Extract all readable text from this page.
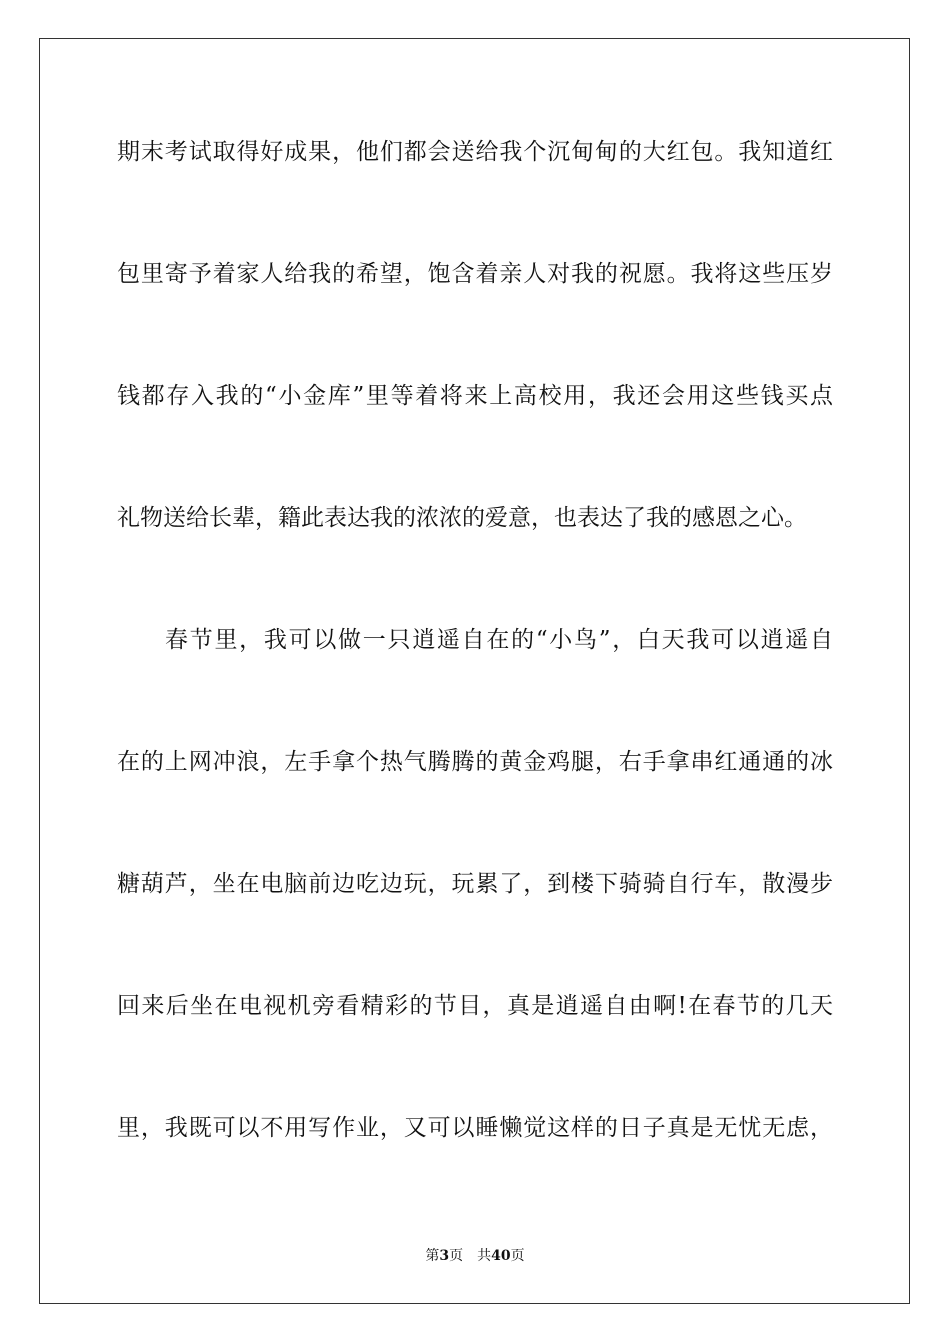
期末考试取得好成果，他们都会送给我个沉甸甸的大红包。我知道红
包里寄予着家人给我的希望，饱含着亲人对我的祝愿。我将这些压岁
钱都存入我的“小金库”里等着将来上高校用，我还会用这些钱买点
礼物送给长辈，籍此表达我的浓浓的爱意，也表达了我的感恩之心。
春节里，我可以做一只逍遥自在的“小鸟”，白天我可以逍遥自
在的上网冲浪，左手拿个热气腾腾的黄金鸡腿，右手拿串红通通的冰
糖葫芦，坐在电脑前边吃边玩，玩累了，到楼下骑骑自行车，散漫步
回来后坐在电视机旁看精彩的节目，真是逍遥自由啊!在春节的几天
里，我既可以不用写作业，又可以睡懒觉这样的日子真是无忧无虑，
第3页 共40页
